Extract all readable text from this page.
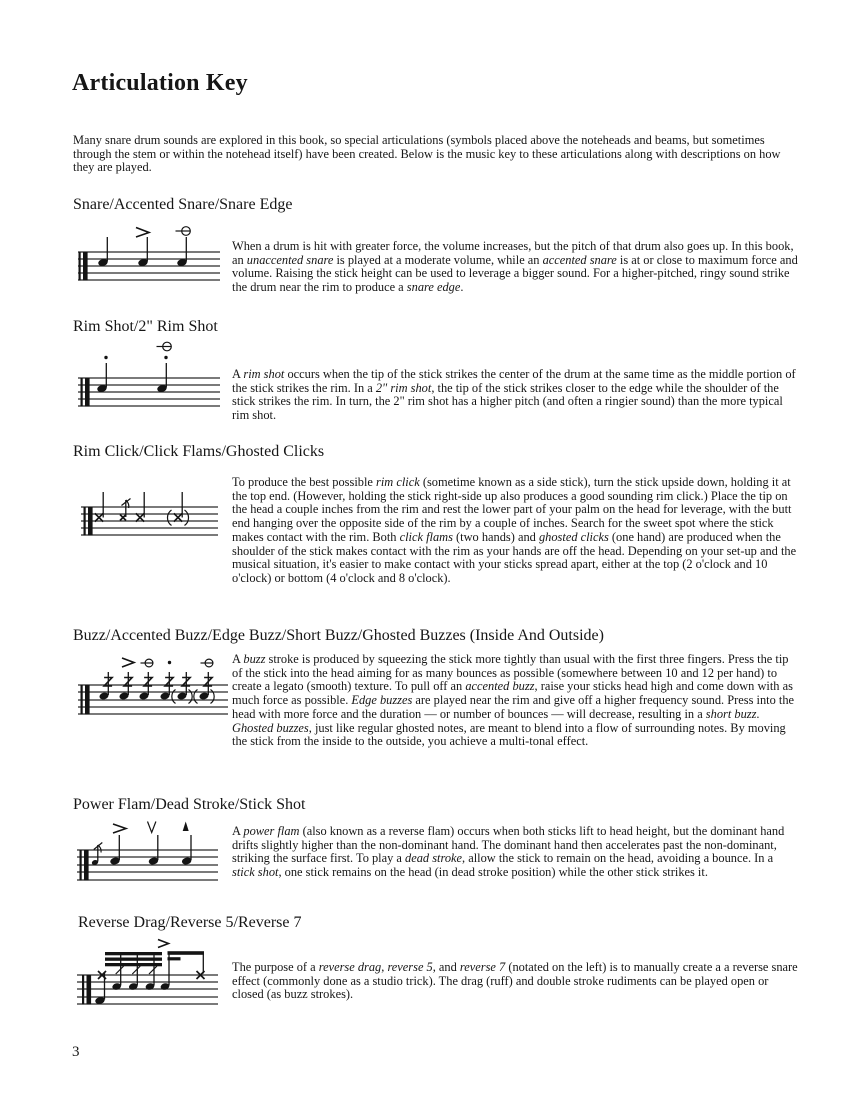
Articulation Key

Many snare drum sounds are explored in this book, so special articulations (symbols placed above the noteheads and beams, but sometimes through the stem or within the notehead itself) have been created. Below is the music key to these articulations along with descriptions on how they are played.

Snare/Accented Snare/Snare Edge

When a drum is hit with greater force, the volume increases, but the pitch of that drum also goes up. In this book, an unaccented snare is played at a moderate volume, while an accented snare is at or close to maximum force and volume. Raising the stick height can be used to leverage a bigger sound. For a higher-pitched, ringy sound strike the drum near the rim to produce a snare edge.

Rim Shot/2" Rim Shot

A rim shot occurs when the tip of the stick strikes the center of the drum at the same time as the middle portion of the stick strikes the rim. In a 2" rim shot, the tip of the stick strikes closer to the edge while the shoulder of the stick strikes the rim. In turn, the 2" rim shot has a higher pitch (and often a ringier sound) than the more typical rim shot.

Rim Click/Click Flams/Ghosted Clicks

To produce the best possible rim click (sometime known as a side stick), turn the stick upside down, holding it at the top end. (However, holding the stick right-side up also produces a good sounding rim click.) Place the tip on the head a couple inches from the rim and rest the lower part of your palm on the head for leverage, with the butt end hanging over the opposite side of the rim by a couple of inches. Search for the sweet spot where the stick makes contact with the rim. Both click flams (two hands) and ghosted clicks (one hand) are produced when the shoulder of the stick makes contact with the rim as your hands are off the head. Depending on your set-up and the musical situation, it's easier to make contact with your sticks spread apart, either at the top (2 o'clock and 10 o'clock) or bottom (4 o'clock and 8 o'clock).

Buzz/Accented Buzz/Edge Buzz/Short Buzz/Ghosted Buzzes (Inside And Outside)

A buzz stroke is produced by squeezing the stick more tightly than usual with the first three fingers. Press the tip of the stick into the head aiming for as many bounces as possible (somewhere between 10 and 12 per hand) to create a legato (smooth) texture. To pull off an accented buzz, raise your sticks head high and come down with as much force as possible. Edge buzzes are played near the rim and give off a higher frequency sound. Press into the head with more force and the duration — or number of bounces — will decrease, resulting in a short buzz. Ghosted buzzes, just like regular ghosted notes, are meant to blend into a flow of surrounding notes. By moving the stick from the inside to the outside, you achieve a multi-tonal effect.

Power Flam/Dead Stroke/Stick Shot

A power flam (also known as a reverse flam) occurs when both sticks lift to head height, but the dominant hand drifts slightly higher than the non-dominant hand. The dominant hand then accelerates past the non-dominant, striking the surface first. To play a dead stroke, allow the stick to remain on the head, avoiding a bounce. In a stick shot, one stick remains on the head (in dead stroke position) while the other stick strikes it.

Reverse Drag/Reverse 5/Reverse 7

The purpose of a reverse drag, reverse 5, and reverse 7 (notated on the left) is to manually create a a reverse snare effect (commonly done as a studio trick). The drag (ruff) and double stroke rudiments can be played open or closed (as buzz strokes).

3
